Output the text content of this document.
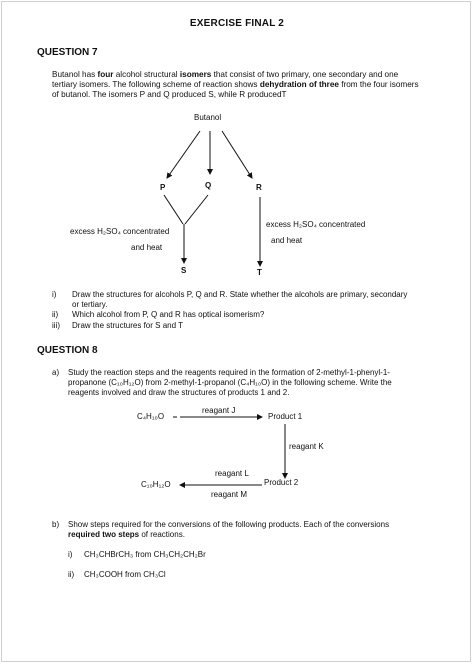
EXERCISE FINAL 2
QUESTION 7
Butanol has four alcohol structural isomers that consist of two primary, one secondary and one tertiary isomers. The following scheme of reaction shows dehydration of three from the four isomers of butanol. The isomers P and Q produced S, while R producedT
Butanol
P	Q	R
excess H₂SO₄ concentrated
and heat
excess H₂SO₄ concentrated
and heat
S	T
i)	Draw the structures for alcohols P, Q and R. State whether the alcohols are primary, secondary or tertiary.
ii)	Which alcohol from P, Q and R has optical isomerism?
iii)	Draw the structures for S and T
QUESTION 8
a)	Study the reaction steps and the reagents required in the formation of 2-methyl-1-phenyl-1-propanone (C₁₀H₁₂O) from 2-methyl-1-propanol (C₄H₁₀O) in the following scheme. Write the reagents involved and draw the structures of products 1 and 2.
C₄H₁₀O
reagant J
Product 1
reagant K
reagant L
C₁₀H₁₂O	Product 2
reagant M
b)	Show steps required for the conversions of the following products. Each of the conversions required two steps of reactions.
i)	CH₃CHBrCH₃ from CH₃CH₂CH₂Br
ii)	CH₃COOH from CH₃Cl
